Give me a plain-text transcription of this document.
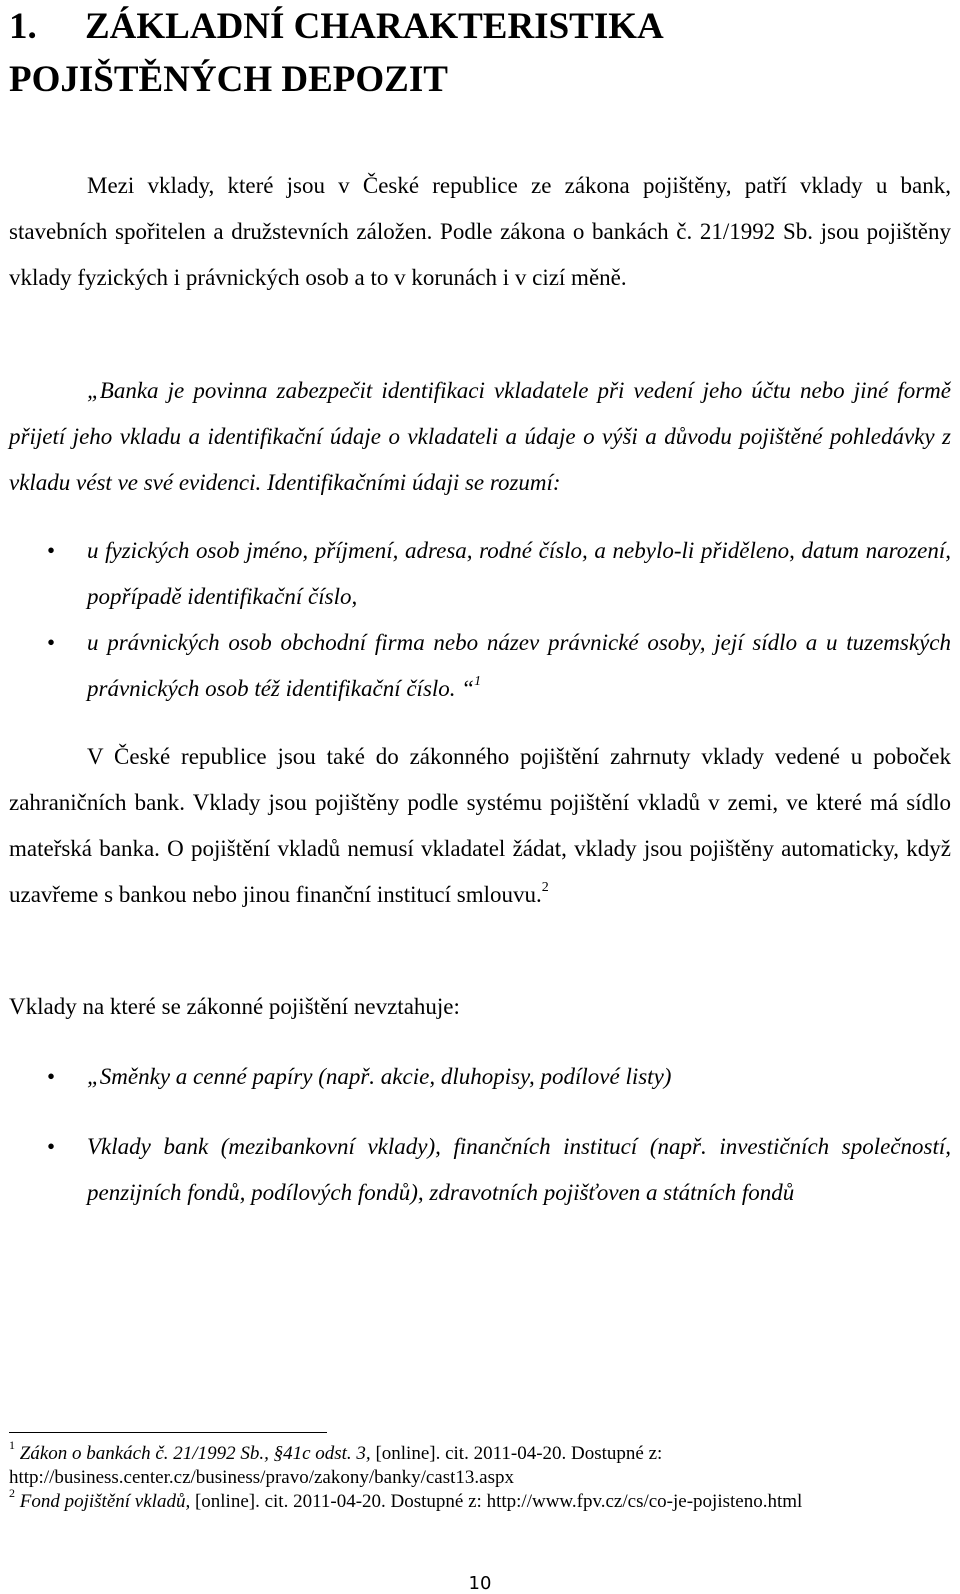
1. ZÁKLADNÍ CHARAKTERISTIKA
POJIŠTĚNÝCH DEPOZIT

Mezi vklady, které jsou v České republice ze zákona pojištěny, patří vklady u bank, stavebních spořitelen a družstevních záložen. Podle zákona o bankách č. 21/1992 Sb. jsou pojištěny vklady fyzických i právnických osob a to v korunách i v cizí měně.

„Banka je povinna zabezpečit identifikaci vkladatele při vedení jeho účtu nebo jiné formě přijetí jeho vkladu a identifikační údaje o vkladateli a údaje o výši a důvodu pojištěné pohledávky z vkladu vést ve své evidenci. Identifikačními údaji se rozumí:

• u fyzických osob jméno, příjmení, adresa, rodné číslo, a nebylo-li přiděleno, datum narození, popřípadě identifikační číslo,
• u právnických osob obchodní firma nebo název právnické osoby, její sídlo a u tuzemských právnických osob též identifikační číslo. “$^1$

V České republice jsou také do zákonného pojištění zahrnuty vklady vedené u poboček zahraničních bank. Vklady jsou pojištěny podle systému pojištění vkladů v zemi, ve které má sídlo mateřská banka. O pojištění vkladů nemusí vkladatel žádat, vklady jsou pojištěny automaticky, když uzavřeme s bankou nebo jinou finanční institucí smlouvu.$^2$

Vklady na které se zákonné pojištění nevztahuje:

• „Směnky a cenné papíry (např. akcie, dluhopisy, podílové listy)
• Vklady bank (mezibankovní vklady), finančních institucí (např. investičních společností, penzijních fondů, podílových fondů), zdravotních pojišťoven a státních fondů

$^1$ Zákon o bankách č. 21/1992 Sb., §41c odst. 3, [online]. cit. 2011-04-20. Dostupné z: http://business.center.cz/business/pravo/zakony/banky/cast13.aspx

$^2$ Fond pojištění vkladů, [online]. cit. 2011-04-20. Dostupné z: http://www.fpv.cz/cs/co-je-pojisteno.html

10
